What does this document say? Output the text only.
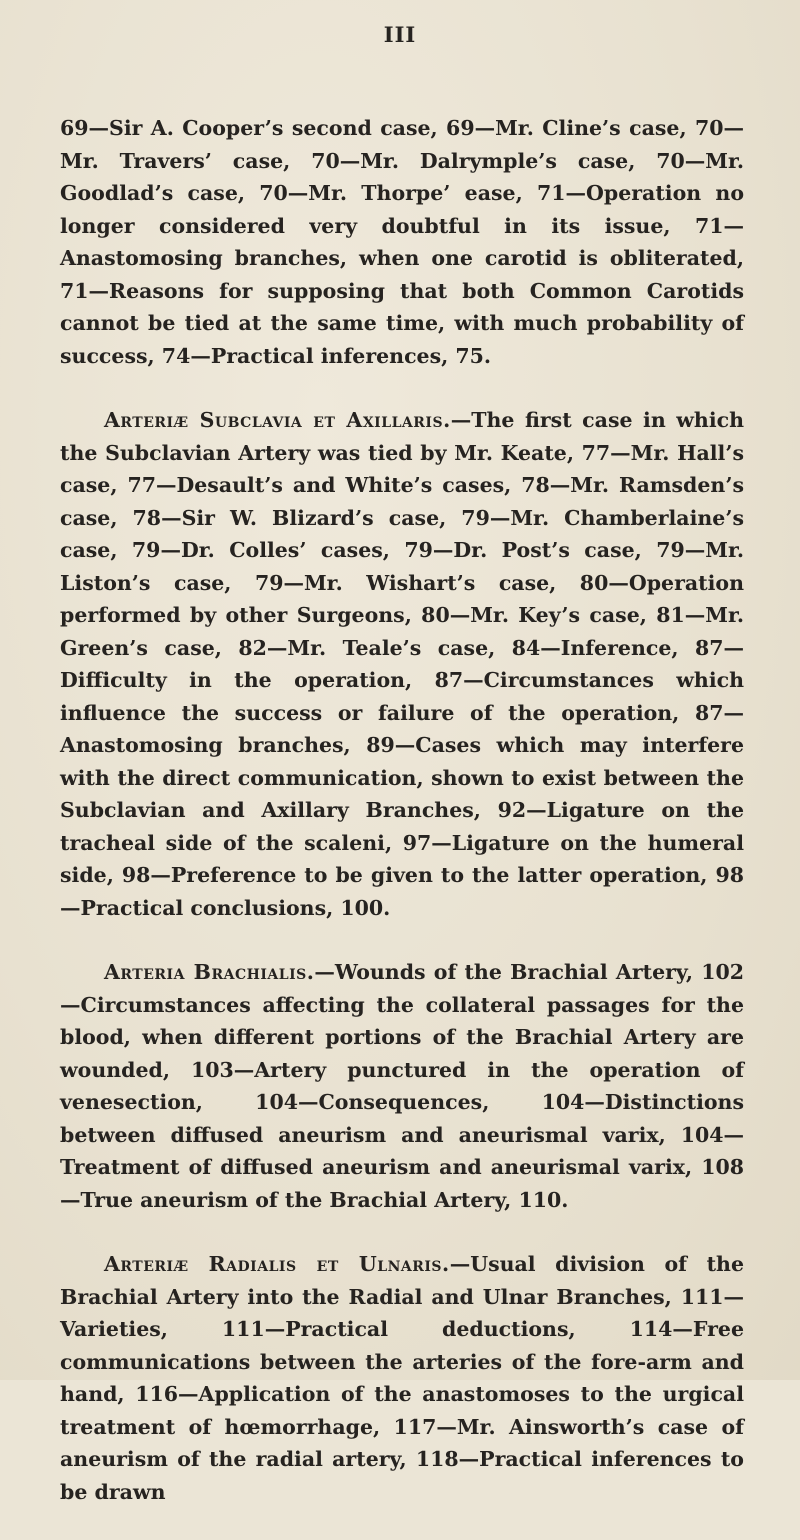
III

69—Sir A. Cooper’s second case, 69—Mr. Cline’s case, 70—Mr. Travers’ case, 70—Mr. Dalrymple’s case, 70—Mr. Goodlad’s case, 70—Mr. Thorpe’ ease, 71—Operation no longer considered very doubtful in its issue, 71—Anastomosing branches, when one carotid is obliterated, 71—Reasons for supposing that both Common Carotids cannot be tied at the same time, with much probability of success, 74—Practical inferences, 75.

Arteriæ Subclavia et Axillaris.—The first case in which the Subclavian Artery was tied by Mr. Keate, 77—Mr. Hall’s case, 77—Desault’s and White’s cases, 78—Mr. Ramsden’s case, 78—Sir W. Blizard’s case, 79—Mr. Chamberlaine’s case, 79—Dr. Colles’ cases, 79—Dr. Post’s case, 79—Mr. Liston’s case, 79—Mr. Wishart’s case, 80—Operation performed by other Surgeons, 80—Mr. Key’s case, 81—Mr. Green’s case, 82—Mr. Teale’s case, 84—Inference, 87—Difficulty in the operation, 87—Circumstances which influence the success or failure of the operation, 87—Anastomosing branches, 89—Cases which may interfere with the direct communication, shown to exist between the Subclavian and Axillary Branches, 92—Ligature on the tracheal side of the scaleni, 97—Ligature on the humeral side, 98—Preference to be given to the latter operation, 98—Practical conclusions, 100.

Arteria Brachialis.—Wounds of the Brachial Artery, 102—Circumstances affecting the collateral passages for the blood, when different portions of the Brachial Artery are wounded, 103—Artery punctured in the operation of venesection, 104—Consequences, 104—Distinctions between diffused aneurism and aneurismal varix, 104—Treatment of diffused aneurism and aneurismal varix, 108—True aneurism of the Brachial Artery, 110.

Arteriæ Radialis et Ulnaris.—Usual division of the Brachial Artery into the Radial and Ulnar Branches, 111—Varieties, 111—Practical deductions, 114—Free communications between the arteries of the fore-arm and hand, 116—Application of the anastomoses to the urgical treatment of hœmorrhage, 117—Mr. Ainsworth’s case of aneurism of the radial artery, 118—Practical inferences to be drawn
